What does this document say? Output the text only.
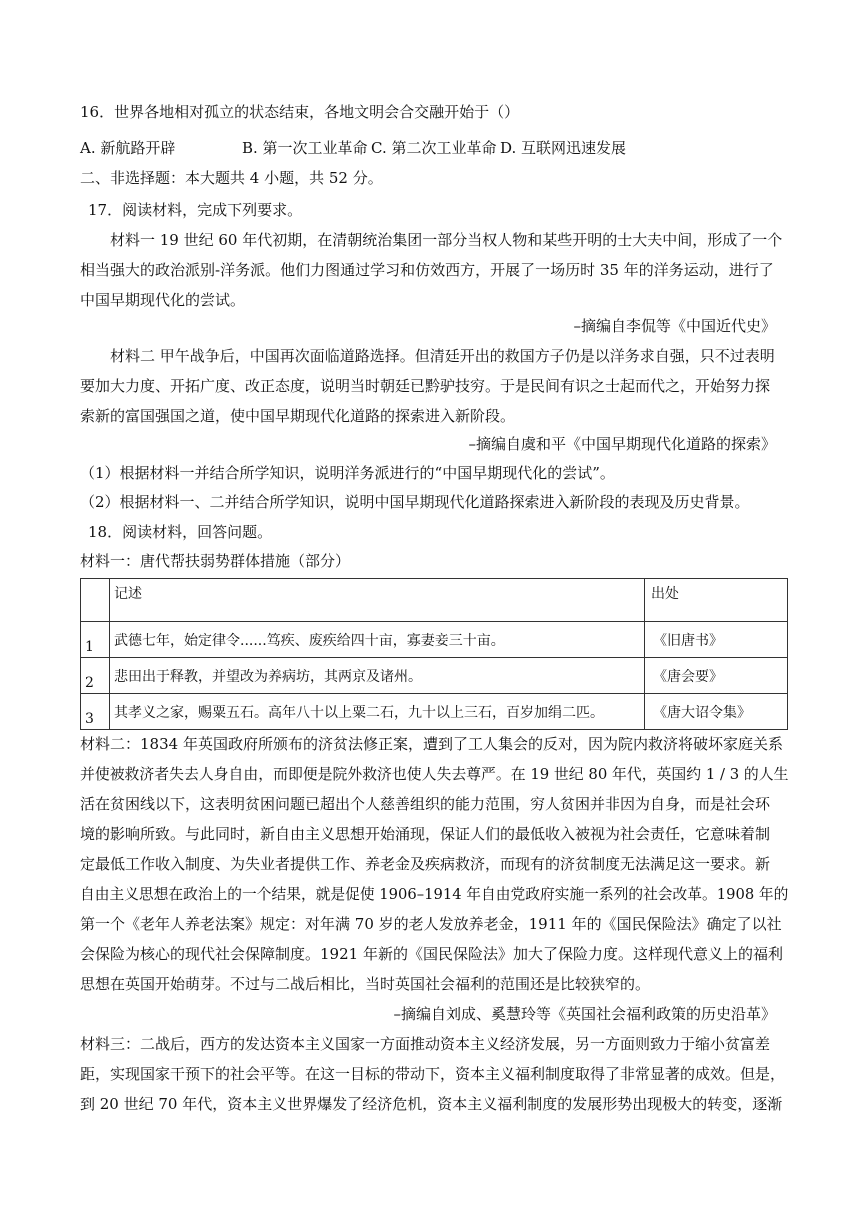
16．世界各地相对孤立的状态结束，各地文明会合交融开始于（）
A. 新航路开辟	B. 第一次工业革命 C. 第二次工业革命 D. 互联网迅速发展
二、非选择题：本大题共 4 小题，共 52 分。
17．阅读材料，完成下列要求。
材料一 19 世纪 60 年代初期，在清朝统治集团一部分当权人物和某些开明的士大夫中间，形成了一个
相当强大的政治派别-洋务派。他们力图通过学习和仿效西方，开展了一场历时 35 年的洋务运动，进行了
中国早期现代化的尝试。
–摘编自李侃等《中国近代史》
材料二 甲午战争后，中国再次面临道路选择。但清廷开出的救国方子仍是以洋务求自强，只不过表明
要加大力度、开拓广度、改正态度，说明当时朝廷已黔驴技穷。于是民间有识之士起而代之，开始努力探
索新的富国强国之道，使中国早期现代化道路的探索进入新阶段。
–摘编自虞和平《中国早期现代化道路的探索》
（1）根据材料一并结合所学知识，说明洋务派进行的“中国早期现代化的尝试”。
（2）根据材料一、二并结合所学知识，说明中国早期现代化道路探索进入新阶段的表现及历史背景。
18．阅读材料，回答问题。
材料一：唐代帮扶弱势群体措施（部分）
	记述	出处
1	武德七年，始定律令......笃疾、废疾给四十亩，寡妻妾三十亩。	《旧唐书》
2	悲田出于释教，并望改为养病坊，其两京及诸州。	《唐会要》
3	其孝义之家，赐粟五石。高年八十以上粟二石，九十以上三石，百岁加绢二匹。	《唐大诏令集》
材料二：1834 年英国政府所颁布的济贫法修正案，遭到了工人集会的反对，因为院内救济将破坏家庭关系
并使被救济者失去人身自由，而即便是院外救济也使人失去尊严。在 19 世纪 80 年代，英国约 1 / 3 的人生
活在贫困线以下，这表明贫困问题已超出个人慈善组织的能力范围，穷人贫困并非因为自身，而是社会环
境的影响所致。与此同时，新自由主义思想开始涌现，保证人们的最低收入被视为社会责任，它意味着制
定最低工作收入制度、为失业者提供工作、养老金及疾病救济，而现有的济贫制度无法满足这一要求。新
自由主义思想在政治上的一个结果，就是促使 1906–1914 年自由党政府实施一系列的社会改革。1908 年的
第一个《老年人养老法案》规定：对年满 70 岁的老人发放养老金，1911 年的《国民保险法》确定了以社
会保险为核心的现代社会保障制度。1921 年新的《国民保险法》加大了保险力度。这样现代意义上的福利
思想在英国开始萌芽。不过与二战后相比，当时英国社会福利的范围还是比较狭窄的。
–摘编自刘成、奚慧玲等《英国社会福利政策的历史沿革》
材料三：二战后，西方的发达资本主义国家一方面推动资本主义经济发展，另一方面则致力于缩小贫富差
距，实现国家干预下的社会平等。在这一目标的带动下，资本主义福利制度取得了非常显著的成效。但是，
到 20 世纪 70 年代，资本主义世界爆发了经济危机，资本主义福利制度的发展形势出现极大的转变，逐渐
